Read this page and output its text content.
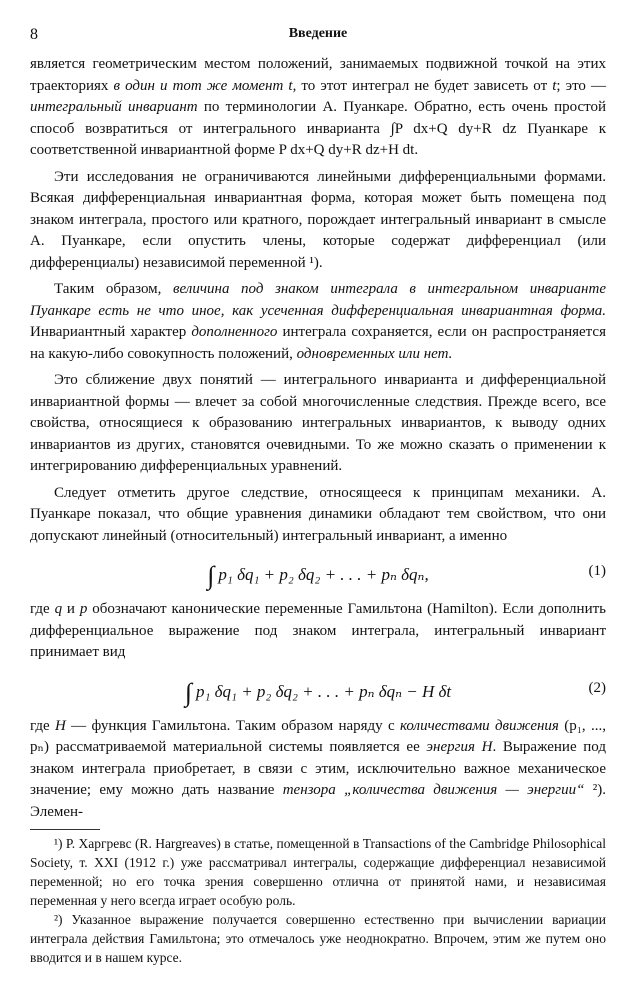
8	Введение

является геометрическим местом положений, занимаемых подвижной точкой на этих траекториях в один и тот же момент t, то этот интеграл не будет зависеть от t; это — интегральный инвариант по терминологии А. Пуанкаре. Обратно, есть очень простой способ возвратиться от интегрального инварианта ∫P dx+Q dy+R dz Пуанкаре к соответственной инвариантной форме P dx+Q dy+R dz+H dt.

Эти исследования не ограничиваются линейными дифференциальными формами. Всякая дифференциальная инвариантная форма, которая может быть помещена под знаком интеграла, простого или кратного, порождает интегральный инвариант в смысле А. Пуанкаре, если опустить члены, которые содержат дифференциал (или дифференциалы) независимой переменной ¹).

Таким образом, величина под знаком интеграла в интегральном инварианте Пуанкаре есть не что иное, как усеченная дифференциальная инвариантная форма. Инвариантный характер дополненного интеграла сохраняется, если он распространяется на какую-либо совокупность положений, одновременных или нет.

Это сближение двух понятий — интегрального инварианта и дифференциальной инвариантной формы — влечет за собой многочисленные следствия. Прежде всего, все свойства, относящиеся к образованию интегральных инвариантов, к выводу одних инвариантов из других, становятся очевидными. То же можно сказать о применении к интегрированию дифференциальных уравнений.

Следует отметить другое следствие, относящееся к принципам механики. А. Пуанкаре показал, что общие уравнения динамики обладают тем свойством, что они допускают линейный (относительный) интегральный инвариант, а именно

∫ p₁ δq₁ + p₂ δq₂ + . . . + pₙ δqₙ,	(1)

где q и p обозначают канонические переменные Гамильтона (Hamilton). Если дополнить дифференциальное выражение под знаком интеграла, интегральный инвариант принимает вид

∫ p₁ δq₁ + p₂ δq₂ + . . . + pₙ δqₙ − H δt	(2)

где H — функция Гамильтона. Таким образом наряду с количествами движения (p₁, ..., pₙ) рассматриваемой материальной системы появляется ее энергия H. Выражение под знаком интеграла приобретает, в связи с этим, исключительно важное механическое значение; ему можно дать название тензора „количества движения — энергии“ ²). Элемен-

¹) Р. Харгревс (R. Hargreaves) в статье, помещенной в Transactions of the Cambridge Philosophical Society, т. XXI (1912 г.) уже рассматривал интегралы, содержащие дифференциал независимой переменной; но его точка зрения совершенно отлична от принятой нами, и независимая переменная у него всегда играет особую роль.

²) Указанное выражение получается совершенно естественно при вычислении вариации интеграла действия Гамильтона; это отмечалось уже неоднократно. Впрочем, этим же путем оно вводится и в нашем курсе.
